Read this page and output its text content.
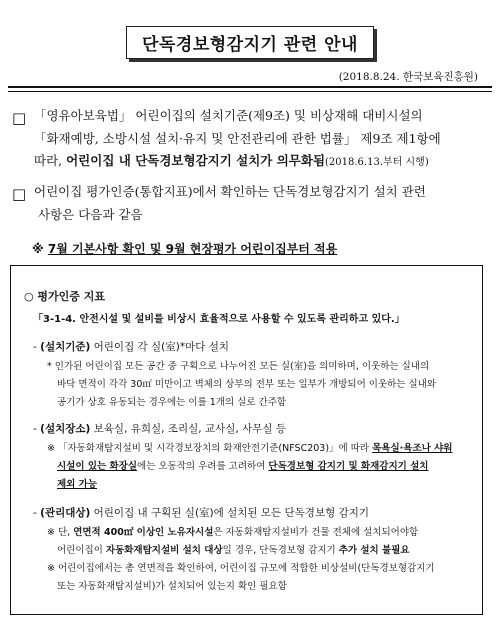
단독경보형감지기 관련 안내
(2018.8.24. 한국보육진흥원)
□ 「영유아보육법」 어린이집의 설치기준(제9조) 및 비상재해 대비시설의
「화재예방, 소방시설 설치·유지 및 안전관리에 관한 법률」 제9조 제1항에
따라, 어린이집 내 단독경보형감지기 설치가 의무화됨(2018.6.13.부터 시행)
□ 어린이집 평가인증(통합지표)에서 확인하는 단독경보형감지기 설치 관련
사항은 다음과 같음
※ 7월 기본사항 확인 및 9월 현장평가 어린이집부터 적용
○ 평가인증 지표
「3-1-4. 안전시설 및 설비를 비상시 효율적으로 사용할 수 있도록 관리하고 있다.」
- (설치기준) 어린이집 각 실(室)*마다 설치
* 인가된 어린이집 모든 공간 중 구획으로 나누어진 모든 실(室)을 의미하며, 이웃하는 실내의
바닥 면적이 각각 30㎡ 미만이고 벽체의 상부의 전부 또는 일부가 개방되어 이웃하는 실내와
공기가 상호 유동되는 경우에는 이를 1개의 실로 간주함
- (설치장소) 보육실, 유희실, 조리실, 교사실, 사무실 등
※ 「자동화재탐지설비 및 시각경보장치의 화재안전기준(NFSC203)」에 따라 목욕실·욕조나 샤워
시설이 있는 화장실에는 오동작의 우려를 고려하여 단독경보형 감지기 및 화재감지기 설치
제외 가능
- (관리대상) 어린이집 내 구획된 실(室)에 설치된 모든 단독경보형 감지기
※ 단, 연면적 400㎡ 이상인 노유자시설은 자동화재탐지설비가 건물 전체에 설치되어야함
어린이집이 자동화재탐지설비 설치 대상일 경우, 단독경보형 감지기 추가 설치 불필요
※ 어린이집에서는 총 연면적을 확인하여, 어린이집 규모에 적합한 비상설비(단독경보형감지기
또는 자동화재탐지설비)가 설치되어 있는지 확인 필요함
